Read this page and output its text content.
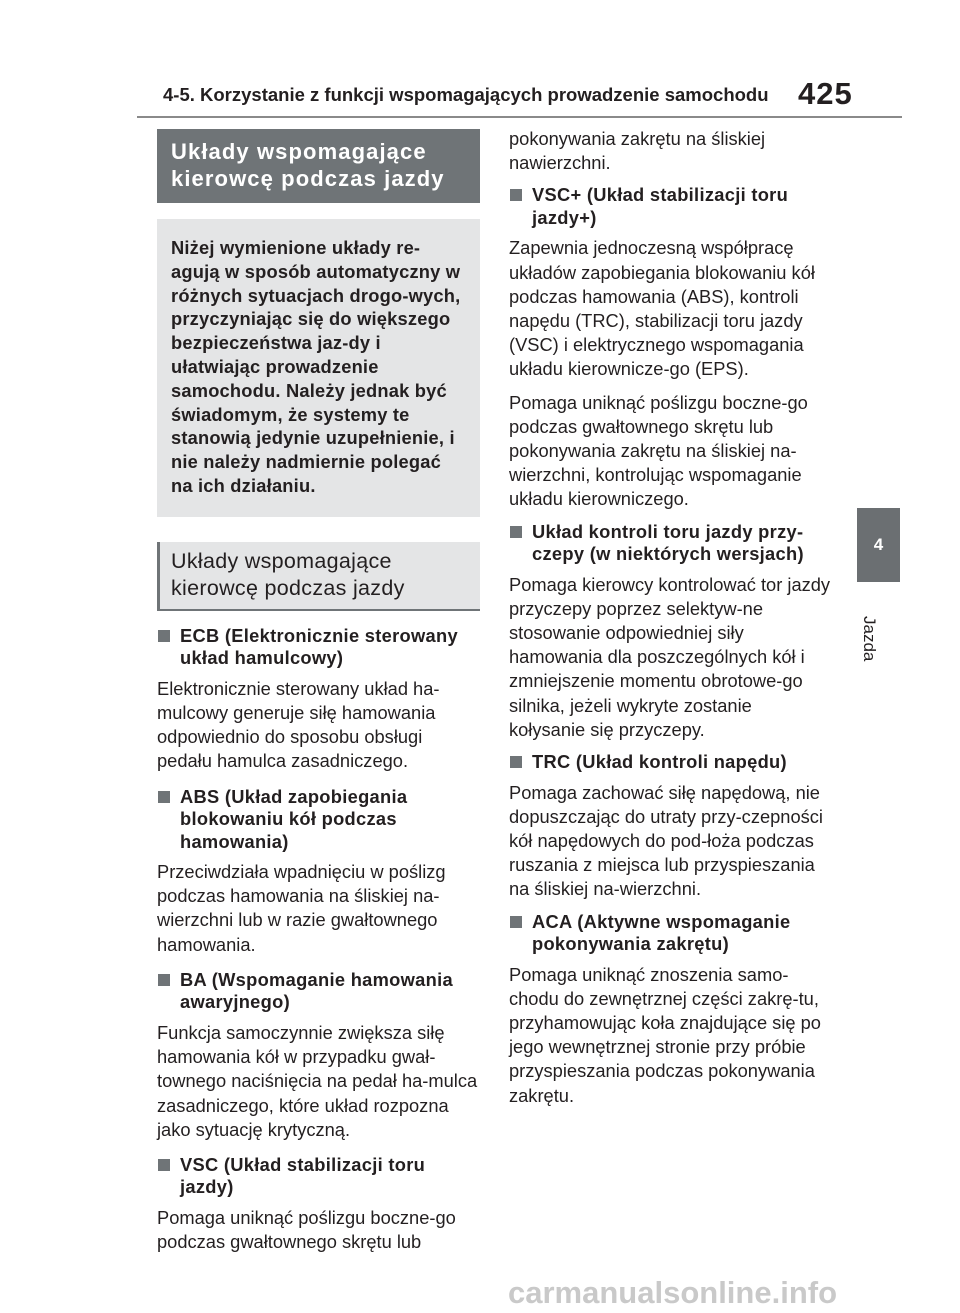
4-5. Korzystanie z funkcji wspomagających prowadzenie samochodu 425
4
Jazda
Układy wspomagające kierowcę podczas jazdy
Niżej wymienione układy re-agują w sposób automatyczny w różnych sytuacjach drogo-wych, przyczyniając się do większego bezpieczeństwa jaz-dy i ułatwiając prowadzenie samochodu. Należy jednak być świadomym, że systemy te stanowią jedynie uzupełnienie, i nie należy nadmiernie polegać na ich działaniu.
Układy wspomagające kierowcę podczas jazdy
ECB (Elektronicznie sterowany układ hamulcowy)
Elektronicznie sterowany układ ha-mulcowy generuje siłę hamowania odpowiednio do sposobu obsługi pedału hamulca zasadniczego.
ABS (Układ zapobiegania blokowaniu kół podczas hamowania)
Przeciwdziała wpadnięciu w poślizg podczas hamowania na śliskiej na-wierzchni lub w razie gwałtownego hamowania.
BA (Wspomaganie hamowania awaryjnego)
Funkcja samoczynnie zwiększa siłę hamowania kół w przypadku gwał-townego naciśnięcia na pedał ha-mulca zasadniczego, które układ rozpozna jako sytuację krytyczną.
VSC (Układ stabilizacji toru jazdy)
Pomaga uniknąć poślizgu boczne-go podczas gwałtownego skrętu lub
pokonywania zakrętu na śliskiej nawierzchni.
VSC+ (Układ stabilizacji toru jazdy+)
Zapewnia jednoczesną współpracę układów zapobiegania blokowaniu kół podczas hamowania (ABS), kontroli napędu (TRC), stabilizacji toru jazdy (VSC) i elektrycznego wspomagania układu kierownicze-go (EPS).
Pomaga uniknąć poślizgu boczne-go podczas gwałtownego skrętu lub pokonywania zakrętu na śliskiej na-wierzchni, kontrolując wspomaganie układu kierowniczego.
Układ kontroli toru jazdy przy-czepy (w niektórych wersjach)
Pomaga kierowcy kontrolować tor jazdy przyczepy poprzez selektyw-ne stosowanie odpowiedniej siły hamowania dla poszczególnych kół i zmniejszenie momentu obrotowe-go silnika, jeżeli wykryte zostanie kołysanie się przyczepy.
TRC (Układ kontroli napędu)
Pomaga zachować siłę napędową, nie dopuszczając do utraty przy-czepności kół napędowych do pod-łoża podczas ruszania z miejsca lub przyspieszania na śliskiej na-wierzchni.
ACA (Aktywne wspomaganie pokonywania zakrętu)
Pomaga uniknąć znoszenia samo-chodu do zewnętrznej części zakrę-tu, przyhamowując koła znajdujące się po jego wewnętrznej stronie przy próbie przyspieszania podczas pokonywania zakrętu.
carmanualsonline.info
